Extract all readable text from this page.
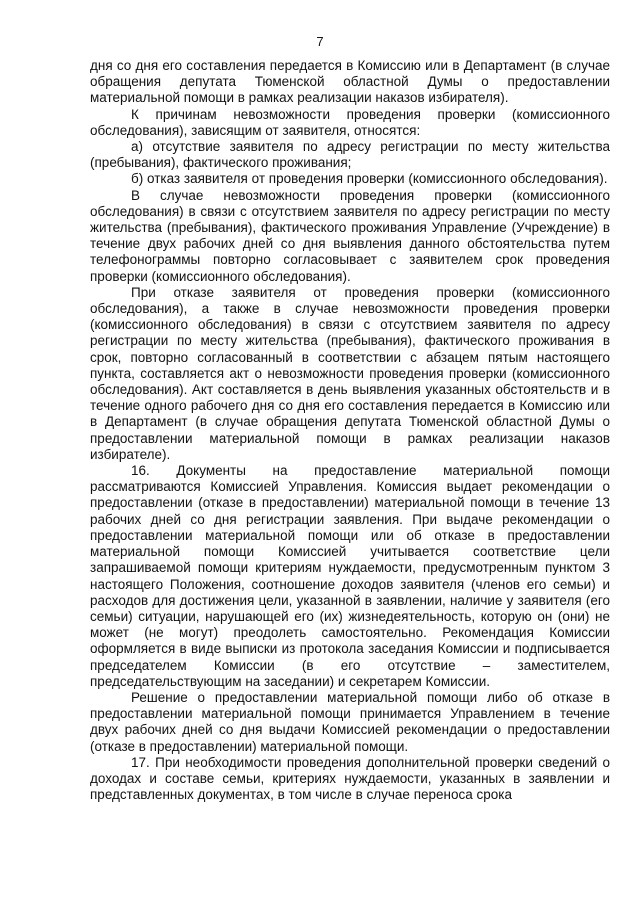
7

дня со дня его составления передается в Комиссию или в Департамент (в случае обращения депутата Тюменской областной Думы о предоставлении материальной помощи в рамках реализации наказов избирателя).

К причинам невозможности проведения проверки (комиссионного обследования), зависящим от заявителя, относятся:

а) отсутствие заявителя по адресу регистрации по месту жительства (пребывания), фактического проживания;

б) отказ заявителя от проведения проверки (комиссионного обследования).

В случае невозможности проведения проверки (комиссионного обследования) в связи с отсутствием заявителя по адресу регистрации по месту жительства (пребывания), фактического проживания Управление (Учреждение) в течение двух рабочих дней со дня выявления данного обстоятельства путем телефонограммы повторно согласовывает с заявителем срок проведения проверки (комиссионного обследования).

При отказе заявителя от проведения проверки (комиссионного обследования), а также в случае невозможности проведения проверки (комиссионного обследования) в связи с отсутствием заявителя по адресу регистрации по месту жительства (пребывания), фактического проживания в срок, повторно согласованный в соответствии с абзацем пятым настоящего пункта, составляется акт о невозможности проведения проверки (комиссионного обследования). Акт составляется в день выявления указанных обстоятельств и в течение одного рабочего дня со дня его составления передается в Комиссию или в Департамент (в случае обращения депутата Тюменской областной Думы о предоставлении материальной помощи в рамках реализации наказов избирателе).

16. Документы на предоставление материальной помощи рассматриваются Комиссией Управления. Комиссия выдает рекомендации о предоставлении (отказе в предоставлении) материальной помощи в течение 13 рабочих дней со дня регистрации заявления. При выдаче рекомендации о предоставлении материальной помощи или об отказе в предоставлении материальной помощи Комиссией учитывается соответствие цели запрашиваемой помощи критериям нуждаемости, предусмотренным пунктом 3 настоящего Положения, соотношение доходов заявителя (членов его семьи) и расходов для достижения цели, указанной в заявлении, наличие у заявителя (его семьи) ситуации, нарушающей его (их) жизнедеятельность, которую он (они) не может (не могут) преодолеть самостоятельно. Рекомендация Комиссии оформляется в виде выписки из протокола заседания Комиссии и подписывается председателем Комиссии (в его отсутствие – заместителем, председательствующим на заседании) и секретарем Комиссии.

Решение о предоставлении материальной помощи либо об отказе в предоставлении материальной помощи принимается Управлением в течение двух рабочих дней со дня выдачи Комиссией рекомендации о предоставлении (отказе в предоставлении) материальной помощи.

17. При необходимости проведения дополнительной проверки сведений о доходах и составе семьи, критериях нуждаемости, указанных в заявлении и представленных документах, в том числе в случае переноса срока
